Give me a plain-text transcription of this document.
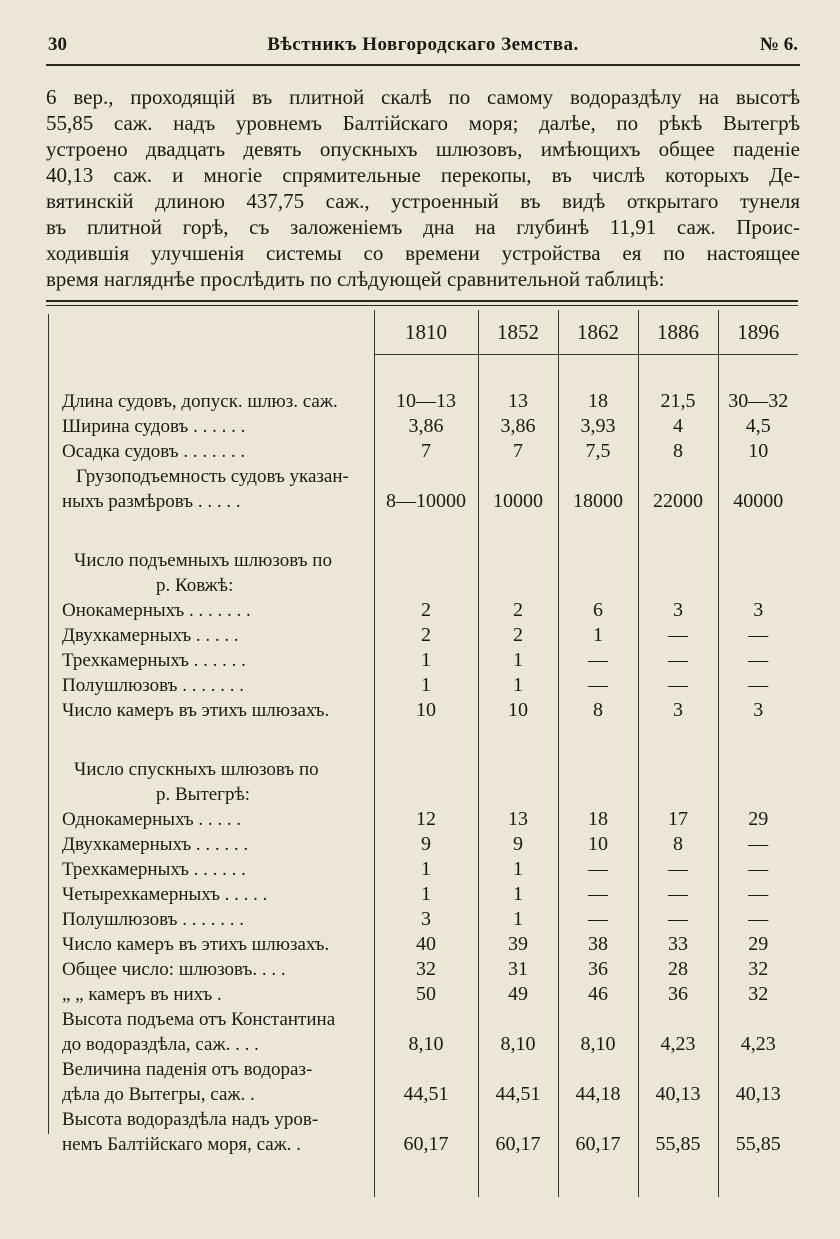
30	Вѣстникъ Новгородскаго Земства.	№ 6.
6 вер., проходящій въ плитной скалѣ по самому водораздѣлу на высотѣ
55,85 саж. надъ уровнемъ Балтійскаго моря; далѣе, по рѣкѣ Вытегрѣ
устроено двадцать девять опускныхъ шлюзовъ, имѣющихъ общее паденіе
40,13 саж. и многіе спрямительные перекопы, въ числѣ которыхъ Де-
вятинскій длиною 437,75 саж., устроенный въ видѣ открытаго тунеля
въ плитной горѣ, съ заложеніемъ дна на глубинѣ 11,91 саж. Проис-
ходившія улучшенія системы со времени устройства ея по настоящее
время нагляднѣе прослѣдить по слѣдующей сравнительной таблицѣ:
	1810	1852	1862	1886	1896

Длина судовъ, допуск. шлюз. саж.	10—13	13	18	21,5	30—32
Ширина судовъ . . . . . .	3,86	3,86	3,93	4	4,5
Осадка судовъ . . . . . . .	7	7	7,5	8	10
Грузоподъемность судовъ указан-					
ныхъ размѣровъ . . . . .	8—10000	10000	18000	22000	40000

Число подъемныхъ шлюзовъ по					
р. Ковжѣ:					
Онокамерныхъ . . . . . . .	2	2	6	3	3
Двухкамерныхъ . . . . .	2	2	1	—	—
Трехкамерныхъ . . . . . .	1	1	—	—	—
Полушлюзовъ . . . . . . .	1	1	—	—	—
Число камеръ въ этихъ шлюзахъ.	10	10	8	3	3

Число спускныхъ шлюзовъ по					
р. Вытегрѣ:					
Однокамерныхъ . . . . .	12	13	18	17	29
Двухкамерныхъ . . . . . .	9	9	10	8	—
Трехкамерныхъ . . . . . .	1	1	—	—	—
Четырехкамерныхъ . . . . .	1	1	—	—	—
Полушлюзовъ . . . . . . .	3	1	—	—	—
Число камеръ въ этихъ шлюзахъ.	40	39	38	33	29
Общее число: шлюзовъ. . . .	32	31	36	28	32
„ „ камеръ въ нихъ .	50	49	46	36	32
Высота подъема отъ Константина					
до водораздѣла, саж. . . .	8,10	8,10	8,10	4,23	4,23
Величина паденія отъ водораз-					
дѣла до Вытегры, саж. .	44,51	44,51	44,18	40,13	40,13
Высота водораздѣла надъ уров-					
немъ Балтійскаго моря, саж. .	60,17	60,17	60,17	55,85	55,85
